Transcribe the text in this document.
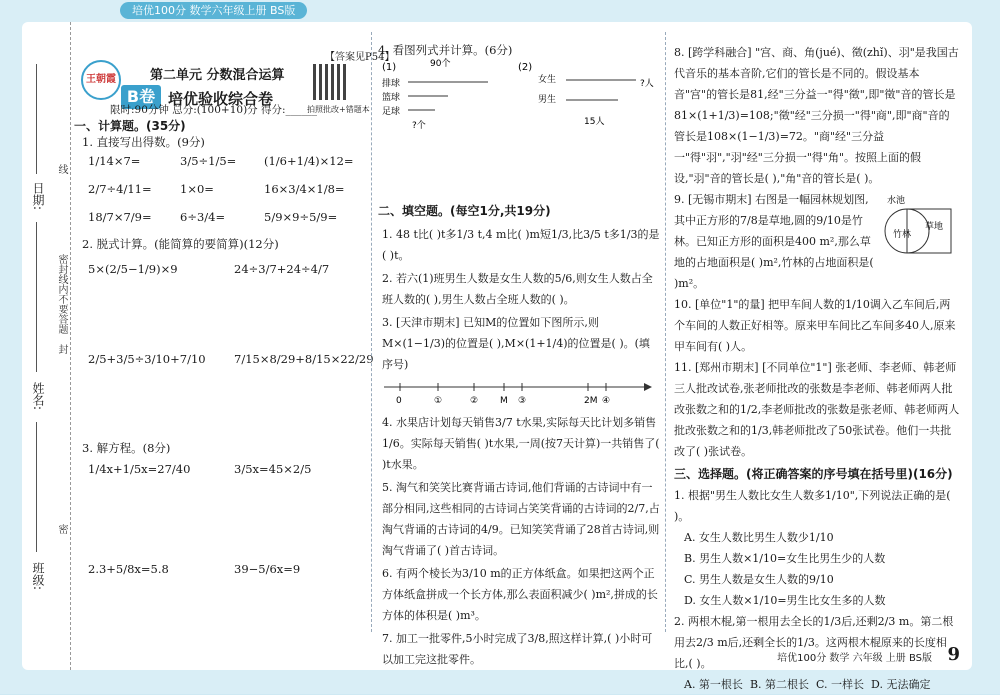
培优100分 数学六年级上册 BS版
班级:
姓名:
日期:
线
密封线内不要答题
封
密
【答案见P54】
王朝霞	第二单元 分数混合运算
B卷 培优验收综合卷
拍照批改+错题本
限时:90分钟 总分:(100+10)分 得分:______
一、计算题。(35分)
1. 直接写出得数。(9分)
1/14×7=	3/5÷1/5= (1/6+1/4)×12=
2/7÷4/11= 1×0=	16×3/4×1/8=
18/7×7/9= 6÷3/4=	5/9×9÷5/9=
2. 脱式计算。(能简算的要简算)(12分)
5×(2/5−1/9)×9	24÷3/7+24÷4/7
2/5+3/5÷3/10+7/10 7/15×8/29+8/15×22/29
3. 解方程。(8分)
1/4x+1/5x=27/40	3/5x=45×2/5
2.3+5/8x=5.8	39−5/6x=9
4. 看图列式并计算。(6分)
(1)	90个
排球
篮球
足球
?个
(2)
女生
男生
?人
15人
二、填空题。(每空1分,共19分)
1. 48 t比( )t多1/3 t,4 m比( )m短1/3,比3/5 t多1/3的是( )t。
2. 若六(1)班男生人数是女生人数的5/6,则女生人数占全班人数的( ),男生人数占全班人数的( )。
3. [天津市期末] 已知M的位置如下图所示,则M×(1−1/3)的位置是( ),M×(1+1/4)的位置是( )。(填序号)
0	①	② M ③	2M ④
4. 水果店计划每天销售3/7 t水果,实际每天比计划多销售1/6。实际每天销售( )t水果,一周(按7天计算)一共销售了( )t水果。
5. 淘气和笑笑比赛背诵古诗词,他们背诵的古诗词中有一部分相同,这些相同的古诗词占笑笑背诵的古诗词的2/7,占淘气背诵的古诗词的4/9。已知笑笑背诵了28首古诗词,则淘气背诵了( )首古诗词。
6. 有两个棱长为3/10 m的正方体纸盒。如果把这两个正方体纸盒拼成一个长方体,那么表面积减少( )m²,拼成的长方体的体积是( )m³。
7. 加工一批零件,5小时完成了3/8,照这样计算,( )小时可以加工完这批零件。
8. [跨学科融合] "宫、商、角(jué)、徵(zhǐ)、羽"是我国古代音乐的基本音阶,它们的管长是不同的。假设基本音"宫"的管长是81,经"三分益一"得"徵",即"徵"音的管长是81×(1+1/3)=108;"徵"经"三分损一"得"商",即"商"音的管长是108×(1−1/3)=72。"商"经"三分益一"得"羽","羽"经"三分损一"得"角"。按照上面的假设,"羽"音的管长是( ),"角"音的管长是( )。
9. [无锡市期末] 右图是一幅园林规划图,其中正方形的7/8是草地,圆的9/10是竹林。已知正方形的面积是400 m²,那么草地的占地面积是( )m²,竹林的占地面积是( )m²。
水池
竹林
草地
10. [单位"1"的量] 把甲车间人数的1/10调入乙车间后,两个车间的人数正好相等。原来甲车间比乙车间多40人,原来甲车间有( )人。
11. [郑州市期末] [不同单位"1"] 张老师、李老师、韩老师三人批改试卷,张老师批改的张数是李老师、韩老师两人批改张数之和的1/2,李老师批改的张数是张老师、韩老师两人批改张数之和的1/3,韩老师批改了50张试卷。他们一共批改了( )张试卷。
三、选择题。(将正确答案的序号填在括号里)(16分)
1. 根据"男生人数比女生人数多1/10",下列说法正确的是( )。
A. 女生人数比男生人数少1/10
B. 男生人数×1/10=女生比男生少的人数
C. 男生人数是女生人数的9/10
D. 女生人数×1/10=男生比女生多的人数
2. 两根木棍,第一根用去全长的1/3后,还剩2/3 m。第二根用去2/3 m后,还剩全长的1/3。这两根木棍原来的长度相比,( )。
A. 第一根长 B. 第二根长 C. 一样长 D. 无法确定
培优100分 数学 六年级 上册 BS版 9
